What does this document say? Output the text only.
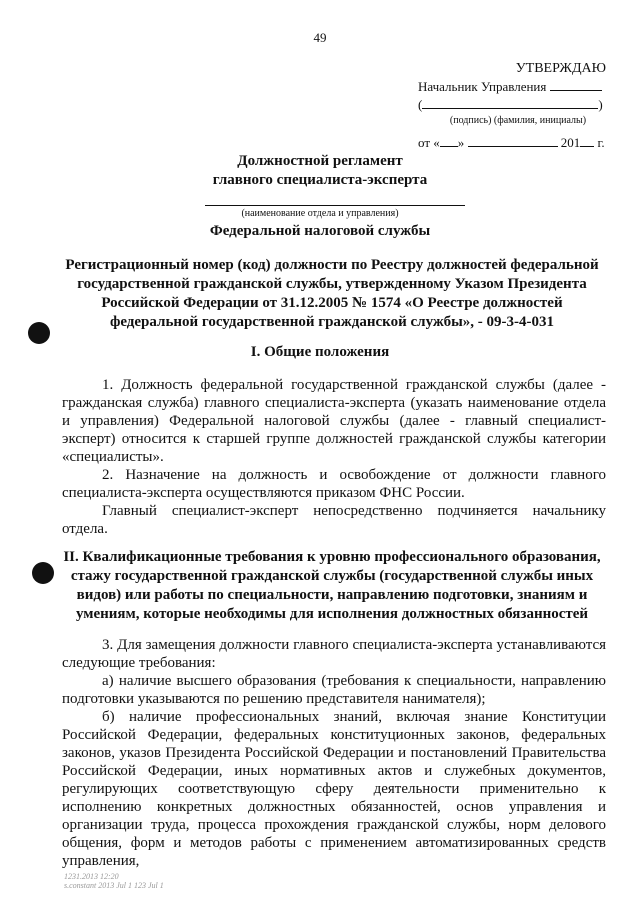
49
УТВЕРЖДАЮ
Начальник Управления
(	)
(подпись) (фамилия, инициалы)
от « »	201 г.
Должностной регламент
главного специалиста-эксперта
(наименование отдела и управления)
Федеральной налоговой службы
Регистрационный номер (код) должности по Реестру должностей федеральной
государственной гражданской службы, утвержденному Указом Президента
Российской Федерации от 31.12.2005 № 1574 «О Реестре должностей
федеральной государственной гражданской службы», - 09-3-4-031
I. Общие положения

1. Должность федеральной государственной гражданской службы (далее - гражданская служба) главного специалиста-эксперта (указать наименование отдела и управления) Федеральной налоговой службы (далее - главный специалист-эксперт) относится к старшей группе должностей гражданской службы категории «специалисты».

2. Назначение на должность и освобождение от должности главного специалиста-эксперта осуществляются приказом ФНС России.

Главный специалист-эксперт непосредственно подчиняется начальнику отдела.

II. Квалификационные требования к уровню профессионального образования,
стажу государственной гражданской службы (государственной службы иных
видов) или работы по специальности, направлению подготовки, знаниям и
умениям, которые необходимы для исполнения должностных обязанностей

3. Для замещения должности главного специалиста-эксперта устанавливаются следующие требования:

а) наличие высшего образования (требования к специальности, направлению подготовки указываются по решению представителя нанимателя);

б) наличие профессиональных знаний, включая знание Конституции Российской Федерации, федеральных конституционных законов, федеральных законов, указов Президента Российской Федерации и постановлений Правительства Российской Федерации, иных нормативных актов и служебных документов, регулирующих соответствующую сферу деятельности применительно к исполнению конкретных должностных обязанностей, основ управления и организации труда, процесса прохождения гражданской службы, норм делового общения, форм и методов работы с применением автоматизированных средств управления,

1231.2013 12:20
s.constant 2013 Jul 1 123 Jul 1
